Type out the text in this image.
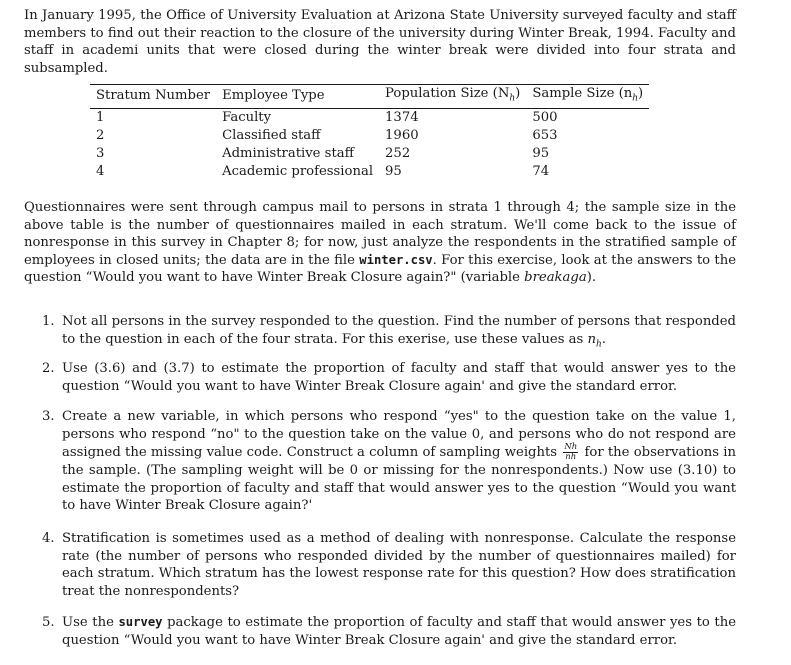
In January 1995, the Office of University Evaluation at Arizona State University surveyed faculty and staff members to find out their reaction to the closure of the university during Winter Break, 1994. Faculty and staff in academi units that were closed during the winter break were divided into four strata and subsampled.

Stratum Number	Employee Type	Population Size $(N_h)$	Sample Size $(n_h)$
1	Faculty	1374	500
2	Classified staff	1960	653
3	Administrative staff	252	95
4	Academic professional	95	74

Questionnaires were sent through campus mail to persons in strata 1 through 4; the sample size in the above table is the number of questionnaires mailed in each stratum. We'll come back to the issue of nonresponse in this survey in Chapter 8; for now, just analyze the respondents in the stratified sample of employees in closed units; the data are in the file winter.csv. For this exercise, look at the answers to the question “Would you want to have Winter Break Closure again?" (variable breakaga).

1. Not all persons in the survey responded to the question. Find the number of persons that responded to the question in each of the four strata. For this exerise, use these values as $n_h$.

2. Use (3.6) and (3.7) to estimate the proportion of faculty and staff that would answer yes to the question “Would you want to have Winter Break Closure again' and give the standard error.

3. Create a new variable, in which persons who respond “yes" to the question take on the value 1, persons who respond “no" to the question take on the value 0, and persons who do not respond are assigned the missing value code. Construct a column of sampling weights $\frac{Nh}{nh}$ for the observations in the sample. (The sampling weight will be 0 or missing for the nonrespondents.) Now use (3.10) to estimate the proportion of faculty and staff that would answer yes to the question “Would you want to have Winter Break Closure again?'

4. Stratification is sometimes used as a method of dealing with nonresponse. Calculate the response rate (the number of persons who responded divided by the number of questionnaires mailed) for each stratum. Which stratum has the lowest response rate for this question? How does stratification treat the nonrespondents?

5. Use the survey package to estimate the proportion of faculty and staff that would answer yes to the question “Would you want to have Winter Break Closure again' and give the standard error.
